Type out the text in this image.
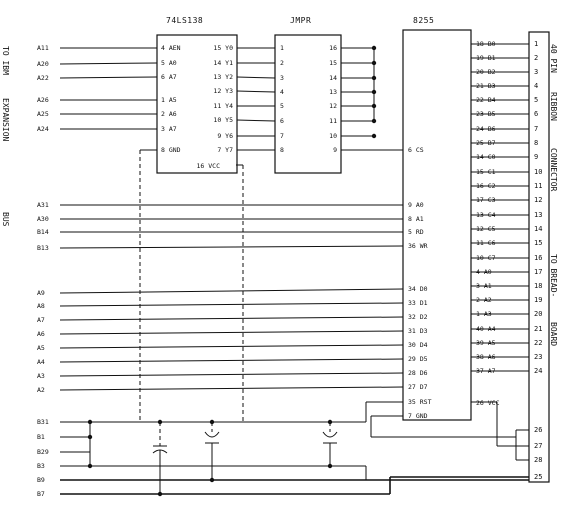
74LS138	JMPR	8255
TO IBM
EXPANSION
BUS
40 PIN
RIBBON
CONNECTOR
TO BREAD-
BOARD
A11
A20
A22
A26
A25
A24
A31
A30
B14
B13
A9
A8
A7
A6
A5
A4
A3
A2
1
2
3
4
5
6
7
8
9
10
11
12
13
14
15
16
17
18
19
20
21
22
23
24
26
27
28
25
B31
B1
B29
B3
B9
B7
4 AEN
5 A0
6 A7
1 A5
2 A6
3 A7
8 GND
15 Y0
14 Y1
13 Y2
12 Y3
11 Y4
10 Y5
9 Y6
7 Y7
16 VCC
1
2
3
4
5
6
7
8
16
15
14
13
12
11
10
9	6 CS
9 A0
8 A1
5 RD
36 WR
34 D0
33 D1
32 D2
31 D3
30 D4
29 D5
28 D6
27 D7
35 RST
7 GND
18 B0
19 B1
20 B2
21 B3
22 B4
23 B5
24 B6
25 B7
14 C0
15 C1
16 C2
17 C3
13 C4
12 C5
11 C6
10 C7
4 A0
3 A1
2 A2
1 A3
40 A4
39 A5
38 A6
37 A7
26 VCC
